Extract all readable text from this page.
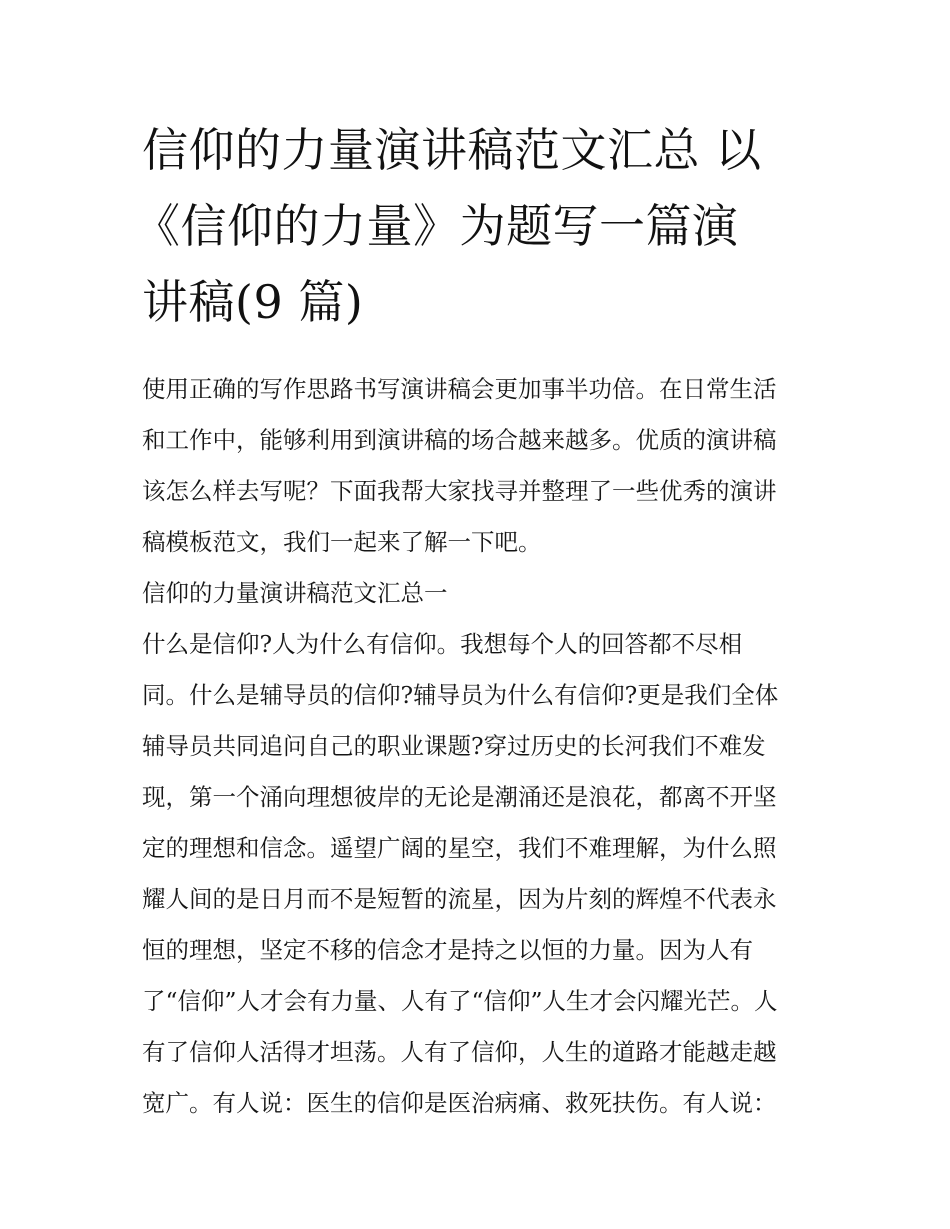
信仰的力量演讲稿范文汇总 以
《信仰的力量》为题写一篇演
讲稿(9 篇)
使用正确的写作思路书写演讲稿会更加事半功倍。在日常生活
和工作中，能够利用到演讲稿的场合越来越多。优质的演讲稿
该怎么样去写呢？下面我帮大家找寻并整理了一些优秀的演讲
稿模板范文，我们一起来了解一下吧。
信仰的力量演讲稿范文汇总一
什么是信仰?人为什么有信仰。我想每个人的回答都不尽相
同。什么是辅导员的信仰?辅导员为什么有信仰?更是我们全体
辅导员共同追问自己的职业课题?穿过历史的长河我们不难发
现，第一个涌向理想彼岸的无论是潮涌还是浪花，都离不开坚
定的理想和信念。遥望广阔的星空，我们不难理解，为什么照
耀人间的是日月而不是短暂的流星，因为片刻的辉煌不代表永
恒的理想，坚定不移的信念才是持之以恒的力量。因为人有
了“信仰”人才会有力量、人有了“信仰”人生才会闪耀光芒。人
有了信仰人活得才坦荡。人有了信仰，人生的道路才能越走越
宽广。有人说：医生的信仰是医治病痛、救死扶伤。有人说：
